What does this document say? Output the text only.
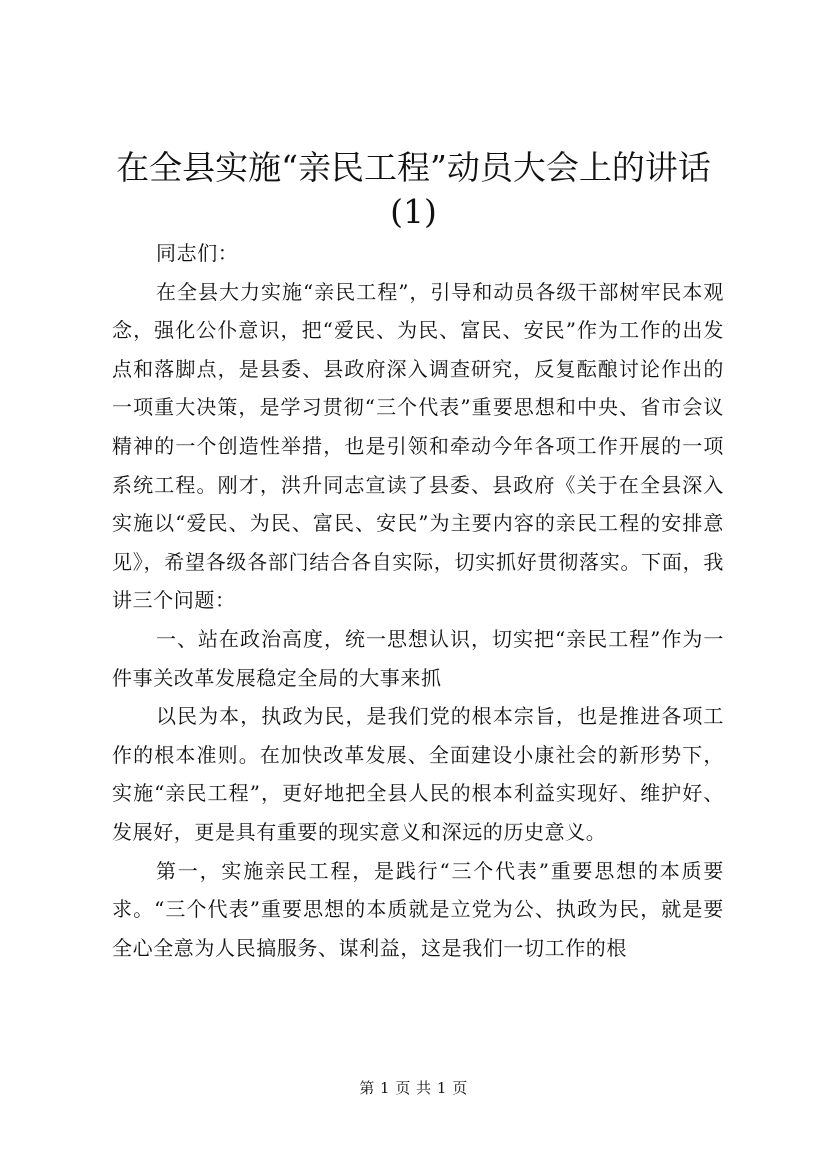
在全县实施“亲民工程”动员大会上的讲话
(1)

同志们：

在全县大力实施“亲民工程”，引导和动员各级干部树牢民本观念，强化公仆意识，把“爱民、为民、富民、安民”作为工作的出发点和落脚点，是县委、县政府深入调查研究，反复酝酿讨论作出的一项重大决策，是学习贯彻“三个代表”重要思想和中央、省市会议精神的一个创造性举措，也是引领和牵动今年各项工作开展的一项系统工程。刚才，洪升同志宣读了县委、县政府《关于在全县深入实施以“爱民、为民、富民、安民”为主要内容的亲民工程的安排意见》，希望各级各部门结合各自实际，切实抓好贯彻落实。下面，我讲三个问题：

一、站在政治高度，统一思想认识，切实把“亲民工程”作为一件事关改革发展稳定全局的大事来抓

以民为本，执政为民，是我们党的根本宗旨，也是推进各项工作的根本准则。在加快改革发展、全面建设小康社会的新形势下，实施“亲民工程”，更好地把全县人民的根本利益实现好、维护好、发展好，更是具有重要的现实意义和深远的历史意义。

第一，实施亲民工程，是践行“三个代表”重要思想的本质要求。“三个代表”重要思想的本质就是立党为公、执政为民，就是要全心全意为人民搞服务、谋利益，这是我们一切工作的根

第 1 页 共 1 页
